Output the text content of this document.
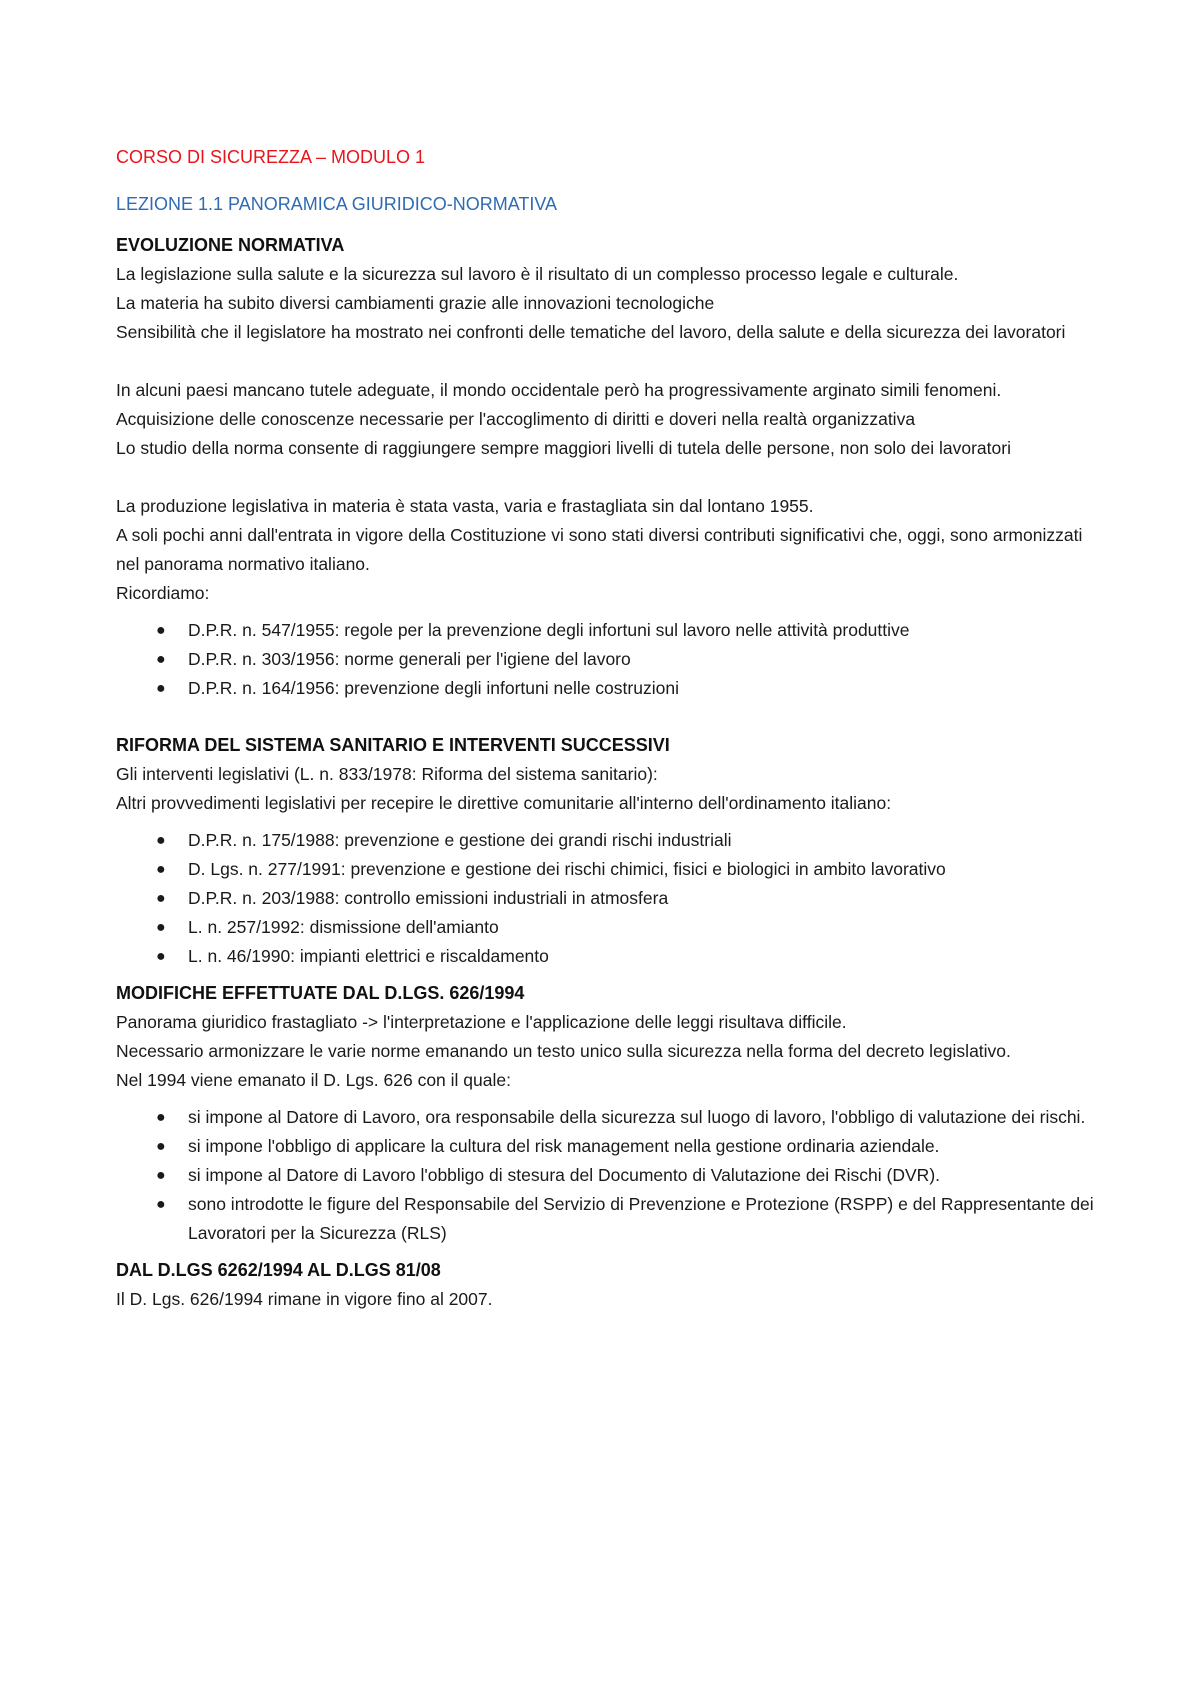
CORSO DI SICUREZZA – MODULO 1
LEZIONE 1.1 PANORAMICA GIURIDICO-NORMATIVA
EVOLUZIONE NORMATIVA

La legislazione sulla salute e la sicurezza sul lavoro è il risultato di un complesso processo legale e culturale.

La materia ha subito diversi cambiamenti grazie alle innovazioni tecnologiche

Sensibilità che il legislatore ha mostrato nei confronti delle tematiche del lavoro, della salute e della sicurezza dei lavoratori

In alcuni paesi mancano tutele adeguate, il mondo occidentale però ha progressivamente arginato simili fenomeni.

Acquisizione delle conoscenze necessarie per l'accoglimento di diritti e doveri nella realtà organizzativa

Lo studio della norma consente di raggiungere sempre maggiori livelli di tutela delle persone, non solo dei lavoratori

La produzione legislativa in materia è stata vasta, varia e frastagliata sin dal lontano 1955.

A soli pochi anni dall'entrata in vigore della Costituzione vi sono stati diversi contributi significativi che, oggi, sono armonizzati nel panorama normativo italiano.

Ricordiamo:

● D.P.R. n. 547/1955: regole per la prevenzione degli infortuni sul lavoro nelle attività produttive
● D.P.R. n. 303/1956: norme generali per l'igiene del lavoro
● D.P.R. n. 164/1956: prevenzione degli infortuni nelle costruzioni
RIFORMA DEL SISTEMA SANITARIO E INTERVENTI SUCCESSIVI

Gli interventi legislativi (L. n. 833/1978: Riforma del sistema sanitario):

Altri provvedimenti legislativi per recepire le direttive comunitarie all'interno dell'ordinamento italiano:

● D.P.R. n. 175/1988: prevenzione e gestione dei grandi rischi industriali
● D. Lgs. n. 277/1991: prevenzione e gestione dei rischi chimici, fisici e biologici in ambito lavorativo
● D.P.R. n. 203/1988: controllo emissioni industriali in atmosfera
● L. n. 257/1992: dismissione dell'amianto
● L. n. 46/1990: impianti elettrici e riscaldamento
MODIFICHE EFFETTUATE DAL D.LGS. 626/1994

Panorama giuridico frastagliato -> l'interpretazione e l'applicazione delle leggi risultava difficile.

Necessario armonizzare le varie norme emanando un testo unico sulla sicurezza nella forma del decreto legislativo.

Nel 1994 viene emanato il D. Lgs. 626 con il quale:

● si impone al Datore di Lavoro, ora responsabile della sicurezza sul luogo di lavoro, l'obbligo di valutazione dei rischi.
● si impone l'obbligo di applicare la cultura del risk management nella gestione ordinaria aziendale.
● si impone al Datore di Lavoro l'obbligo di stesura del Documento di Valutazione dei Rischi (DVR).
● sono introdotte le figure del Responsabile del Servizio di Prevenzione e Protezione (RSPP) e del Rappresentante dei Lavoratori per la Sicurezza (RLS)
DAL D.LGS 6262/1994 AL D.LGS 81/08

Il D. Lgs. 626/1994 rimane in vigore fino al 2007.
